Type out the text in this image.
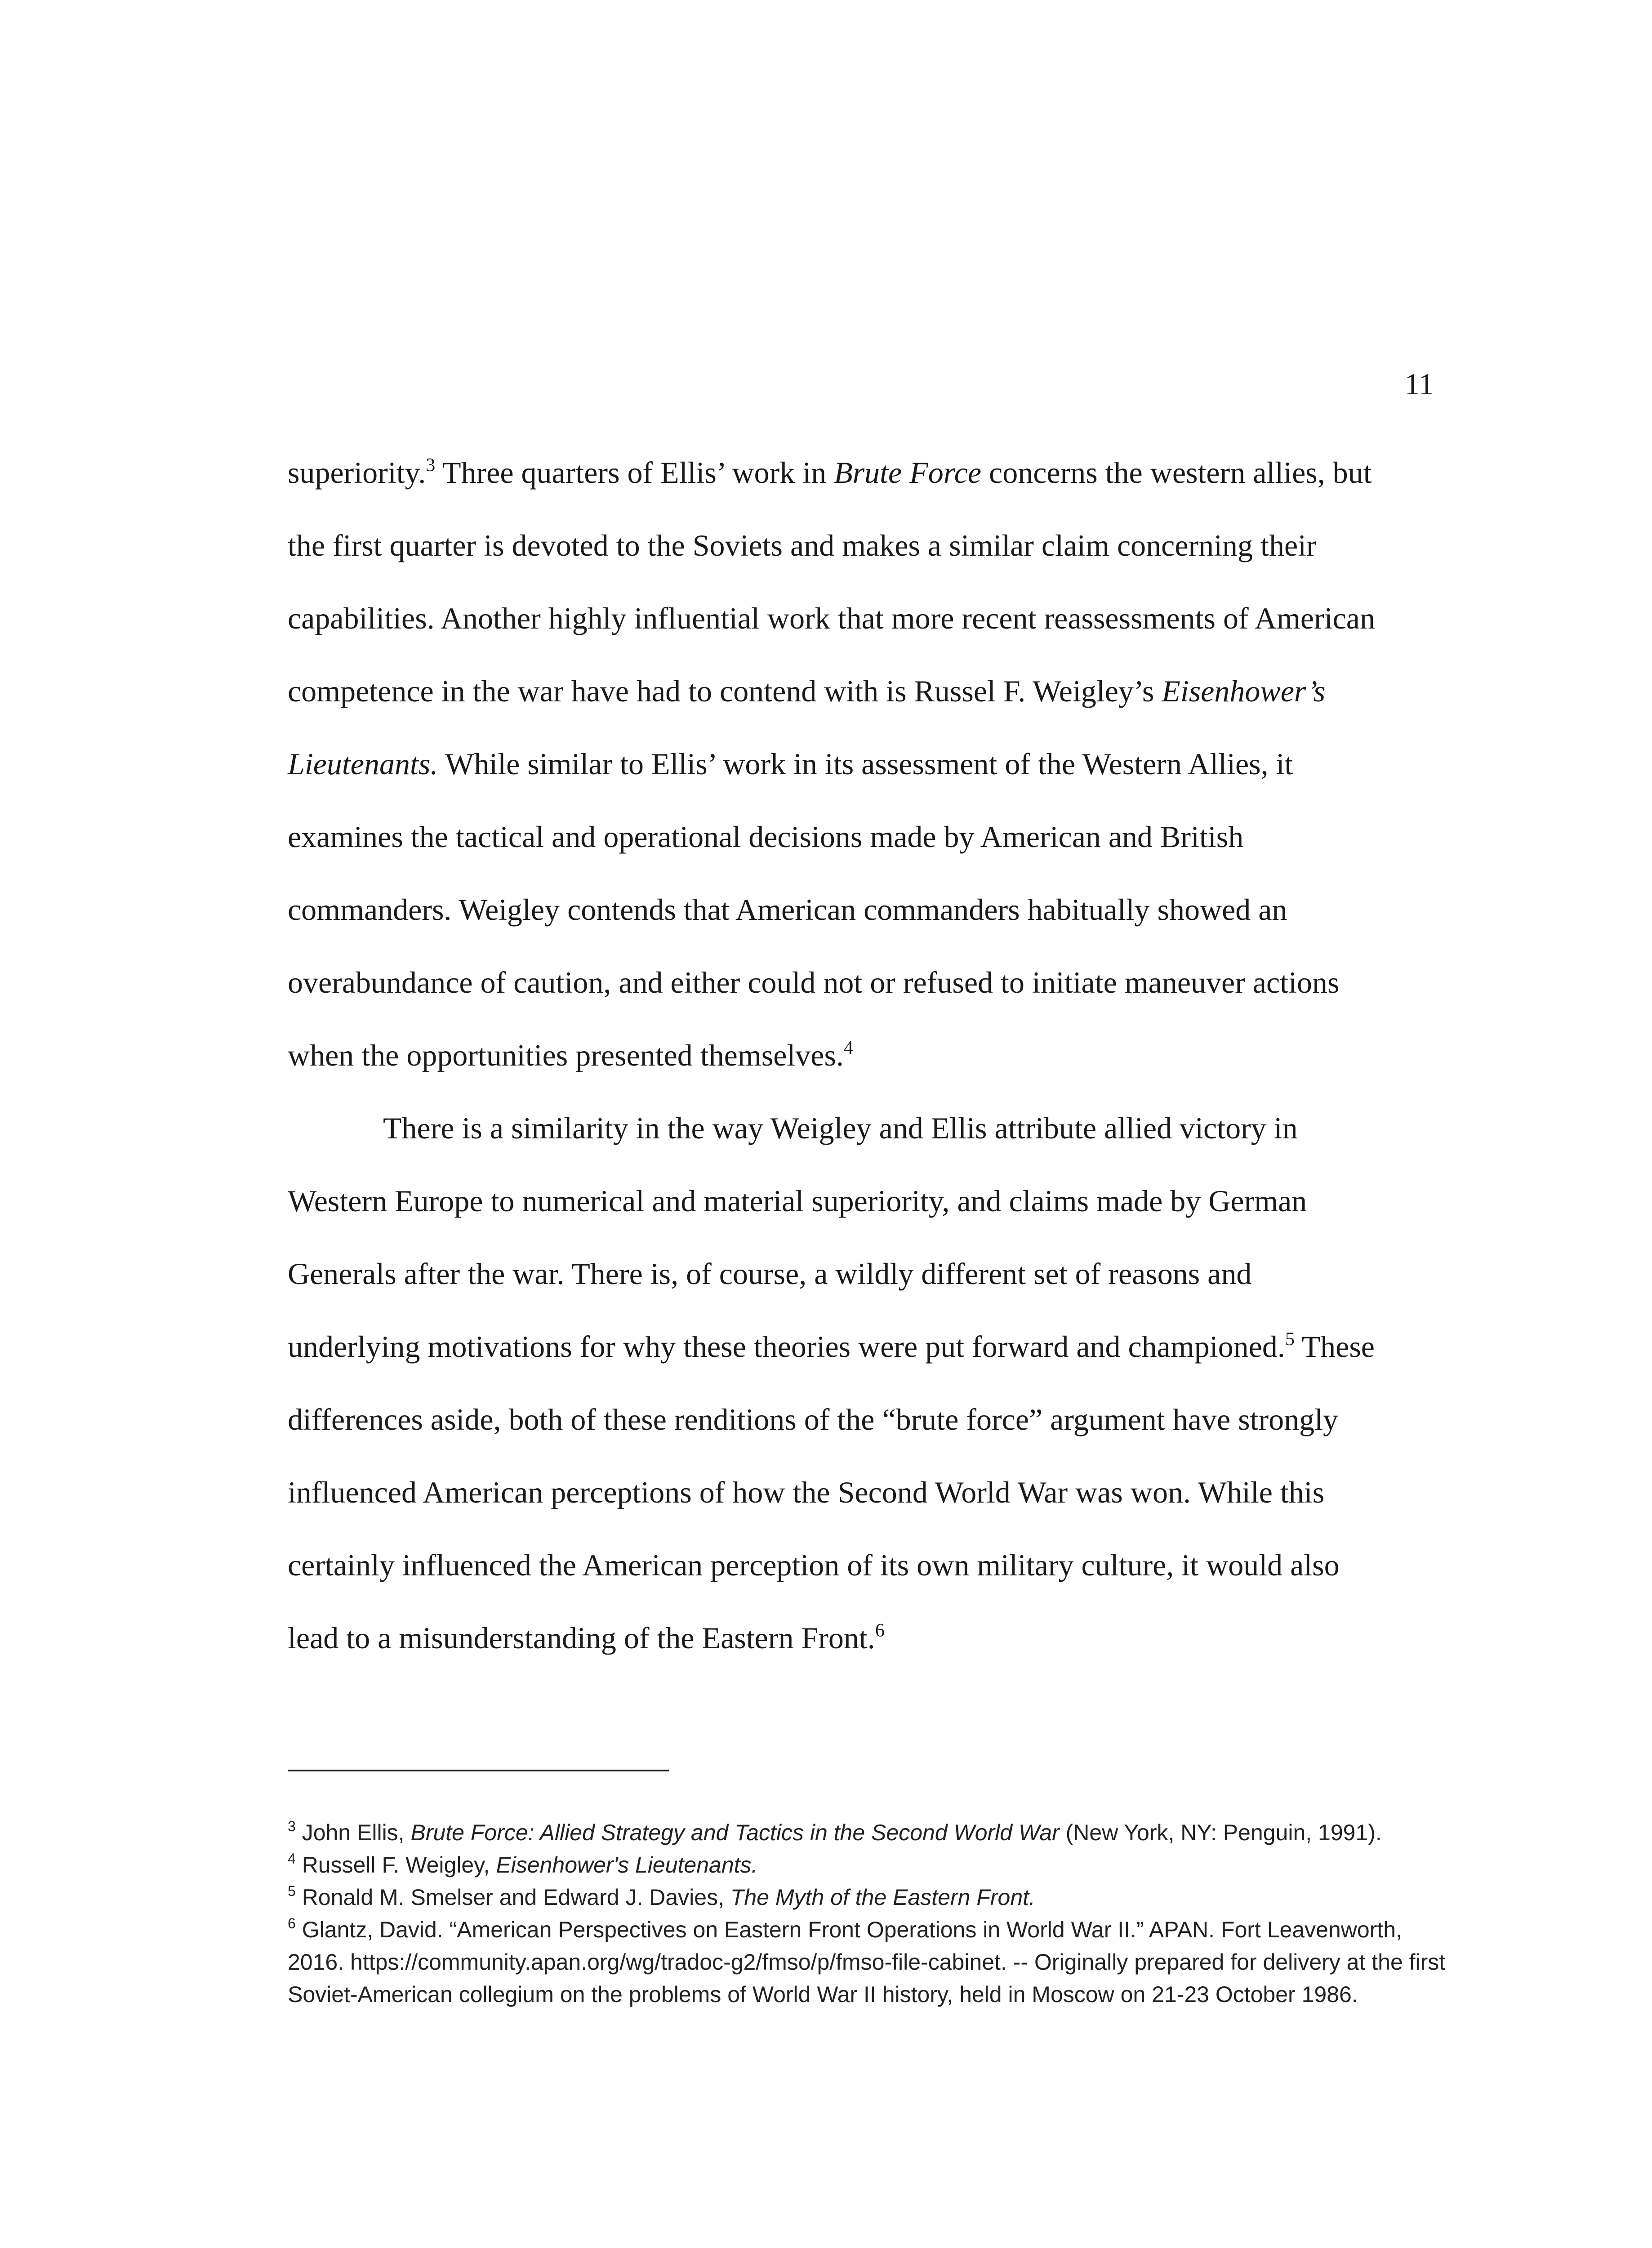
11

superiority.$^3$ Three quarters of Ellis’ work in Brute Force concerns the western allies, but
the first quarter is devoted to the Soviets and makes a similar claim concerning their
capabilities. Another highly influential work that more recent reassessments of American
competence in the war have had to contend with is Russel F. Weigley’s Eisenhower’s
Lieutenants. While similar to Ellis’ work in its assessment of the Western Allies, it
examines the tactical and operational decisions made by American and British
commanders. Weigley contends that American commanders habitually showed an
overabundance of caution, and either could not or refused to initiate maneuver actions
when the opportunities presented themselves.$^4$

There is a similarity in the way Weigley and Ellis attribute allied victory in
Western Europe to numerical and material superiority, and claims made by German
Generals after the war. There is, of course, a wildly different set of reasons and
underlying motivations for why these theories were put forward and championed.$^5$ These
differences aside, both of these renditions of the “brute force” argument have strongly
influenced American perceptions of how the Second World War was won. While this
certainly influenced the American perception of its own military culture, it would also
lead to a misunderstanding of the Eastern Front.$^6$

$^3$ John Ellis, Brute Force: Allied Strategy and Tactics in the Second World War (New York, NY: Penguin, 1991).

$^4$ Russell F. Weigley, Eisenhower's Lieutenants.

$^5$ Ronald M. Smelser and Edward J. Davies, The Myth of the Eastern Front.

$^6$ Glantz, David. “American Perspectives on Eastern Front Operations in World War II.” APAN. Fort Leavenworth, 2016. https://community.apan.org/wg/tradoc-g2/fmso/p/fmso-file-cabinet. -- Originally prepared for delivery at the first Soviet-American collegium on the problems of World War II history, held in Moscow on 21-23 October 1986.
